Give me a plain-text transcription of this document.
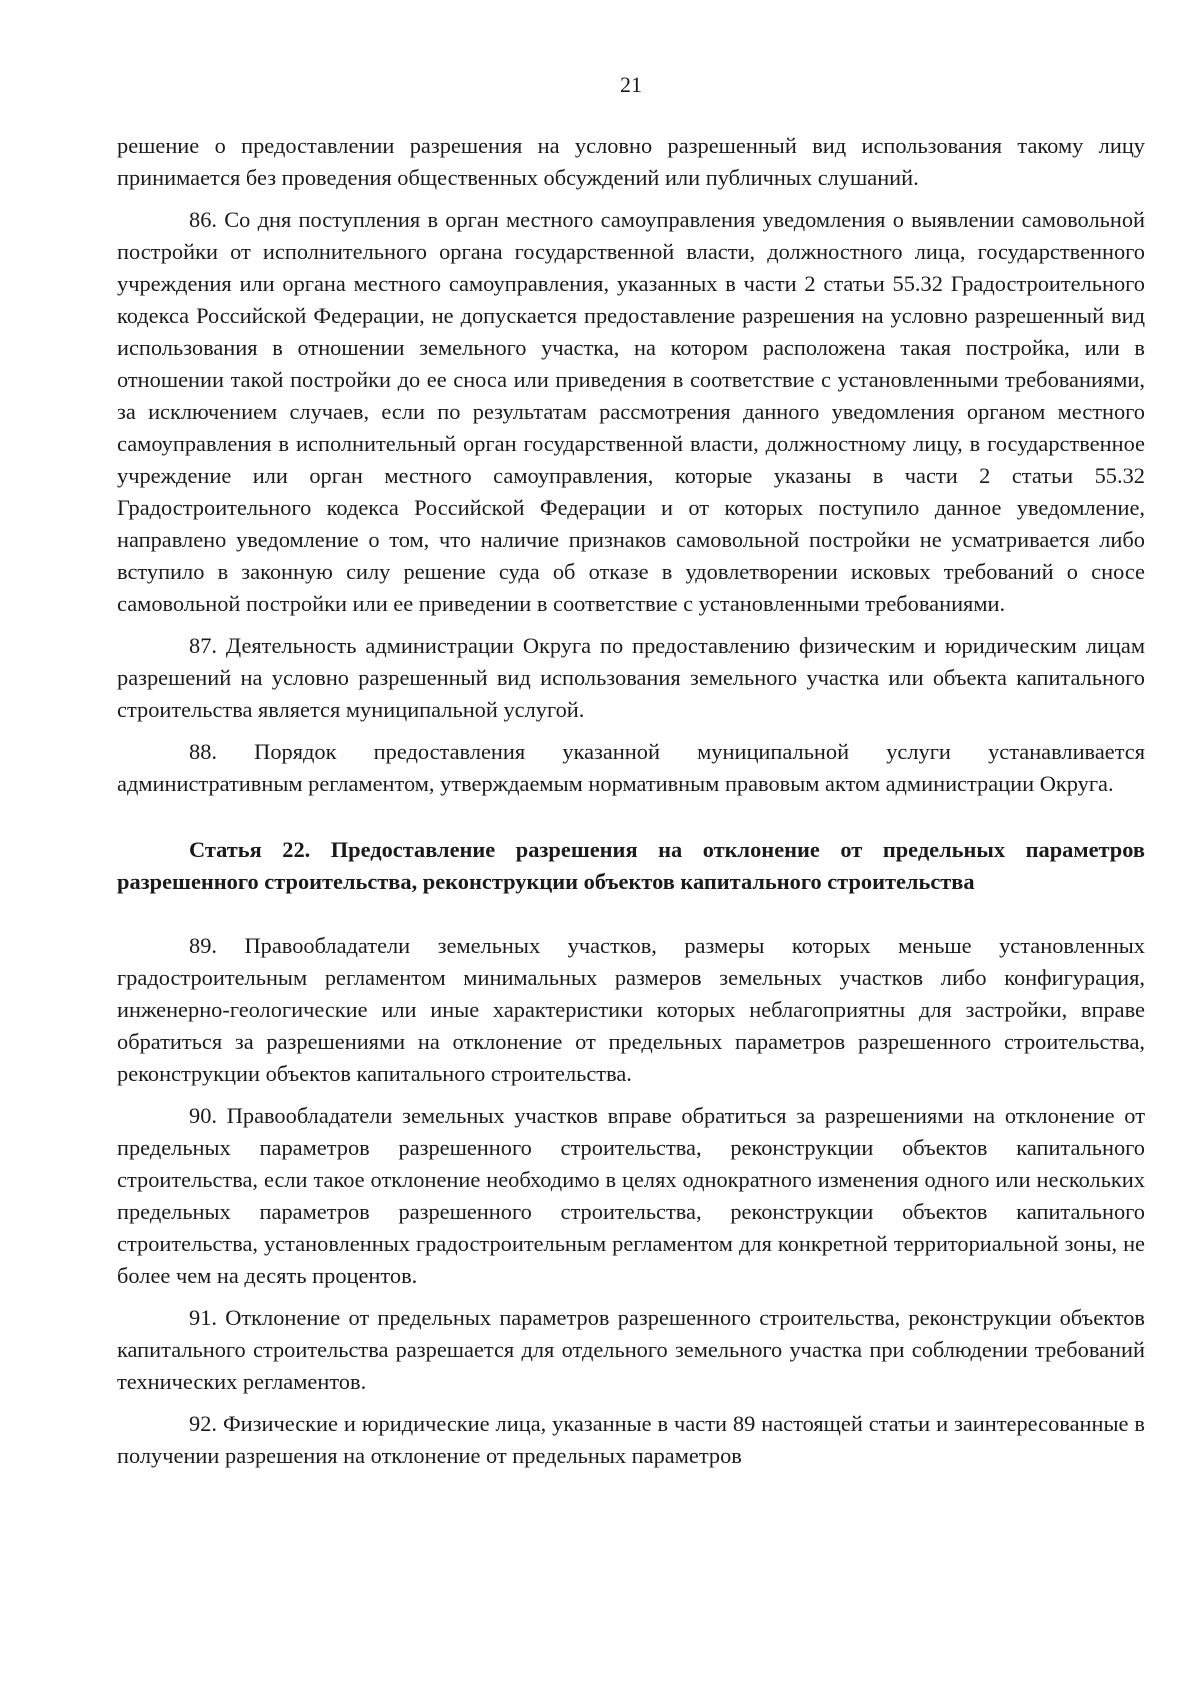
21

решение о предоставлении разрешения на условно разрешенный вид использования такому лицу принимается без проведения общественных обсуждений или публичных слушаний.

86. Со дня поступления в орган местного самоуправления уведомления о выявлении самовольной постройки от исполнительного органа государственной власти, должностного лица, государственного учреждения или органа местного самоуправления, указанных в части 2 статьи 55.32 Градостроительного кодекса Российской Федерации, не допускается предоставление разрешения на условно разрешенный вид использования в отношении земельного участка, на котором расположена такая постройка, или в отношении такой постройки до ее сноса или приведения в соответствие с установленными требованиями, за исключением случаев, если по результатам рассмотрения данного уведомления органом местного самоуправления в исполнительный орган государственной власти, должностному лицу, в государственное учреждение или орган местного самоуправления, которые указаны в части 2 статьи 55.32 Градостроительного кодекса Российской Федерации и от которых поступило данное уведомление, направлено уведомление о том, что наличие признаков самовольной постройки не усматривается либо вступило в законную силу решение суда об отказе в удовлетворении исковых требований о сносе самовольной постройки или ее приведении в соответствие с установленными требованиями.

87. Деятельность администрации Округа по предоставлению физическим и юридическим лицам разрешений на условно разрешенный вид использования земельного участка или объекта капитального строительства является муниципальной услугой.

88. Порядок предоставления указанной муниципальной услуги устанавливается административным регламентом, утверждаемым нормативным правовым актом администрации Округа.

Статья 22. Предоставление разрешения на отклонение от предельных параметров разрешенного строительства, реконструкции объектов капитального строительства

89. Правообладатели земельных участков, размеры которых меньше установленных градостроительным регламентом минимальных размеров земельных участков либо конфигурация, инженерно-геологические или иные характеристики которых неблагоприятны для застройки, вправе обратиться за разрешениями на отклонение от предельных параметров разрешенного строительства, реконструкции объектов капитального строительства.

90. Правообладатели земельных участков вправе обратиться за разрешениями на отклонение от предельных параметров разрешенного строительства, реконструкции объектов капитального строительства, если такое отклонение необходимо в целях однократного изменения одного или нескольких предельных параметров разрешенного строительства, реконструкции объектов капитального строительства, установленных градостроительным регламентом для конкретной территориальной зоны, не более чем на десять процентов.

91. Отклонение от предельных параметров разрешенного строительства, реконструкции объектов капитального строительства разрешается для отдельного земельного участка при соблюдении требований технических регламентов.

92. Физические и юридические лица, указанные в части 89 настоящей статьи и заинтересованные в получении разрешения на отклонение от предельных параметров
